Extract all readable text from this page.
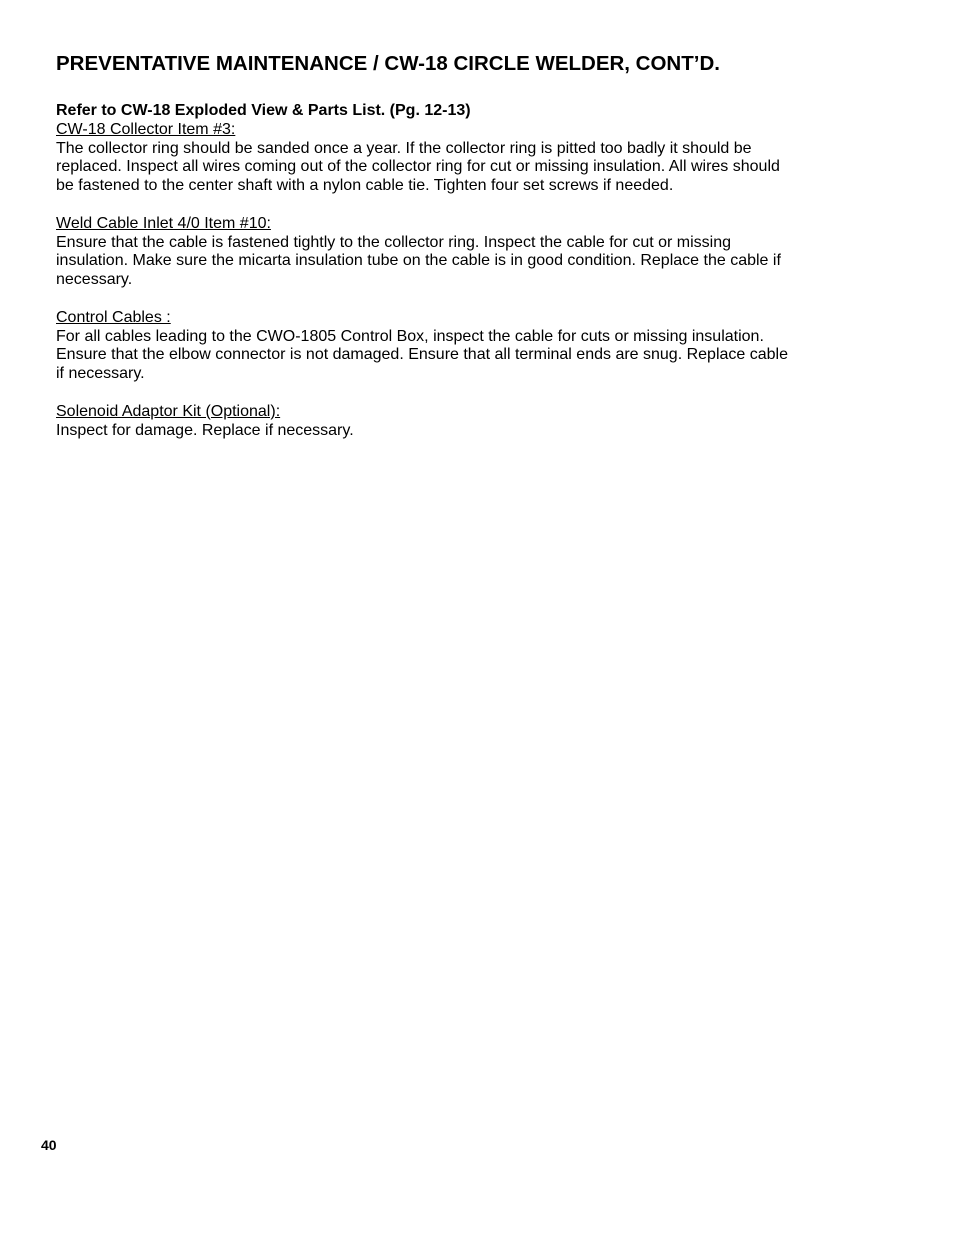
PREVENTATIVE MAINTENANCE / CW-18 CIRCLE WELDER, CONT’D.

Refer to CW-18 Exploded View & Parts List. (Pg. 12-13)

CW-18 Collector Item #3:

The collector ring should be sanded once a year. If the collector ring is pitted too badly it should be
replaced. Inspect all wires coming out of the collector ring for cut or missing insulation. All wires should
be fastened to the center shaft with a nylon cable tie. Tighten four set screws if needed.

Weld Cable Inlet 4/0 Item #10:

Ensure that the cable is fastened tightly to the collector ring. Inspect the cable for cut or missing
insulation. Make sure the micarta insulation tube on the cable is in good condition. Replace the cable if
necessary.

Control Cables :

For all cables leading to the CWO-1805 Control Box, inspect the cable for cuts or missing insulation.
Ensure that the elbow connector is not damaged. Ensure that all terminal ends are snug. Replace cable
if necessary.

Solenoid Adaptor Kit (Optional):

Inspect for damage. Replace if necessary.

40
